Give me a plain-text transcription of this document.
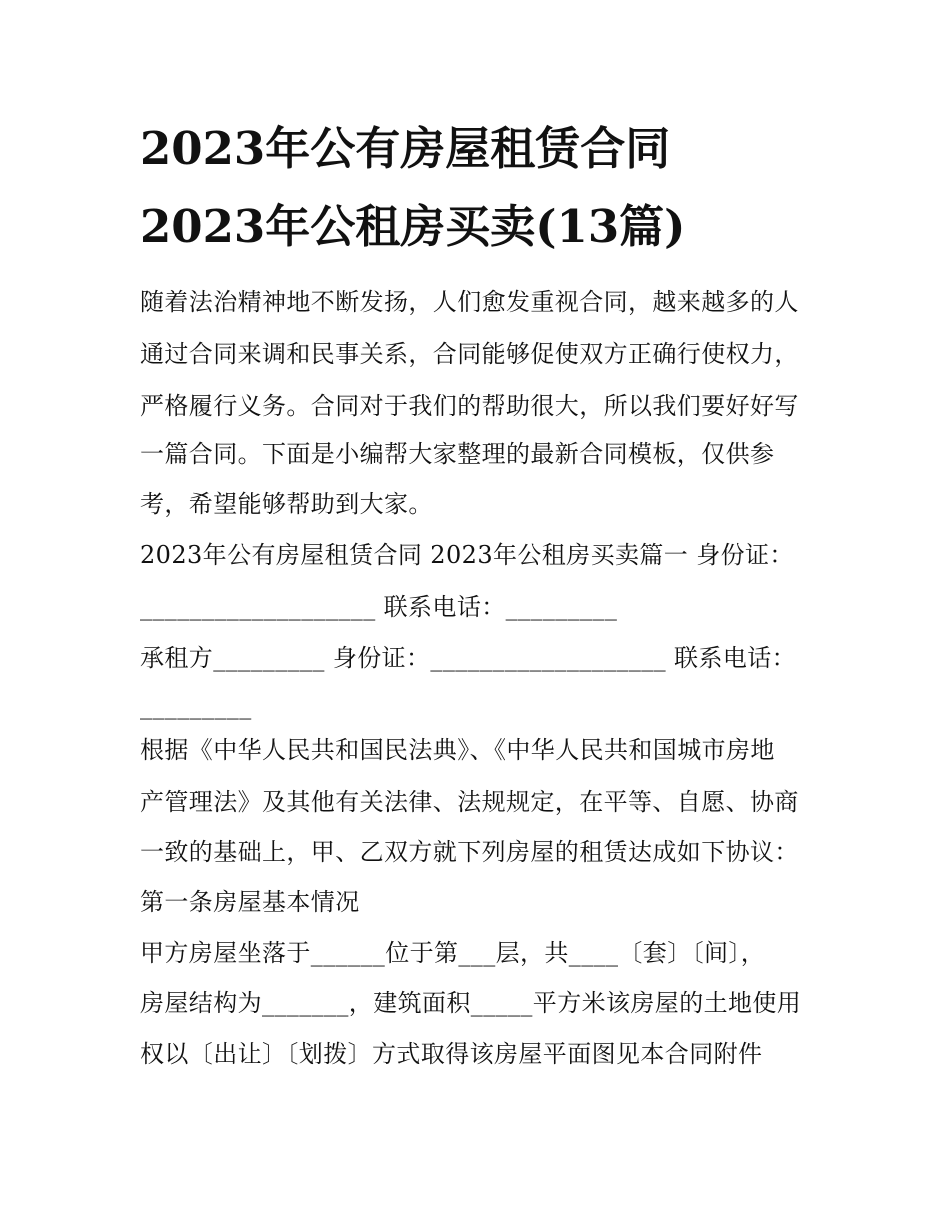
2023年公有房屋租赁合同
2023年公租房买卖(13篇)
随着法治精神地不断发扬，人们愈发重视合同，越来越多的人
通过合同来调和民事关系，合同能够促使双方正确行使权力，
严格履行义务。合同对于我们的帮助很大，所以我们要好好写
一篇合同。下面是小编帮大家整理的最新合同模板，仅供参
考，希望能够帮助到大家。
2023年公有房屋租赁合同 2023年公租房买卖篇一 身份证：
___________________ 联系电话：_________
承租方_________ 身份证：___________________ 联系电话：
_________
根据《中华人民共和国民法典》、《中华人民共和国城市房地
产管理法》及其他有关法律、法规规定，在平等、自愿、协商
一致的基础上，甲、乙双方就下列房屋的租赁达成如下协议：
第一条房屋基本情况
甲方房屋坐落于______位于第___层，共____〔套〕〔间〕，
房屋结构为_______，建筑面积_____平方米该房屋的土地使用
权以〔出让〕〔划拨〕方式取得该房屋平面图见本合同附件
